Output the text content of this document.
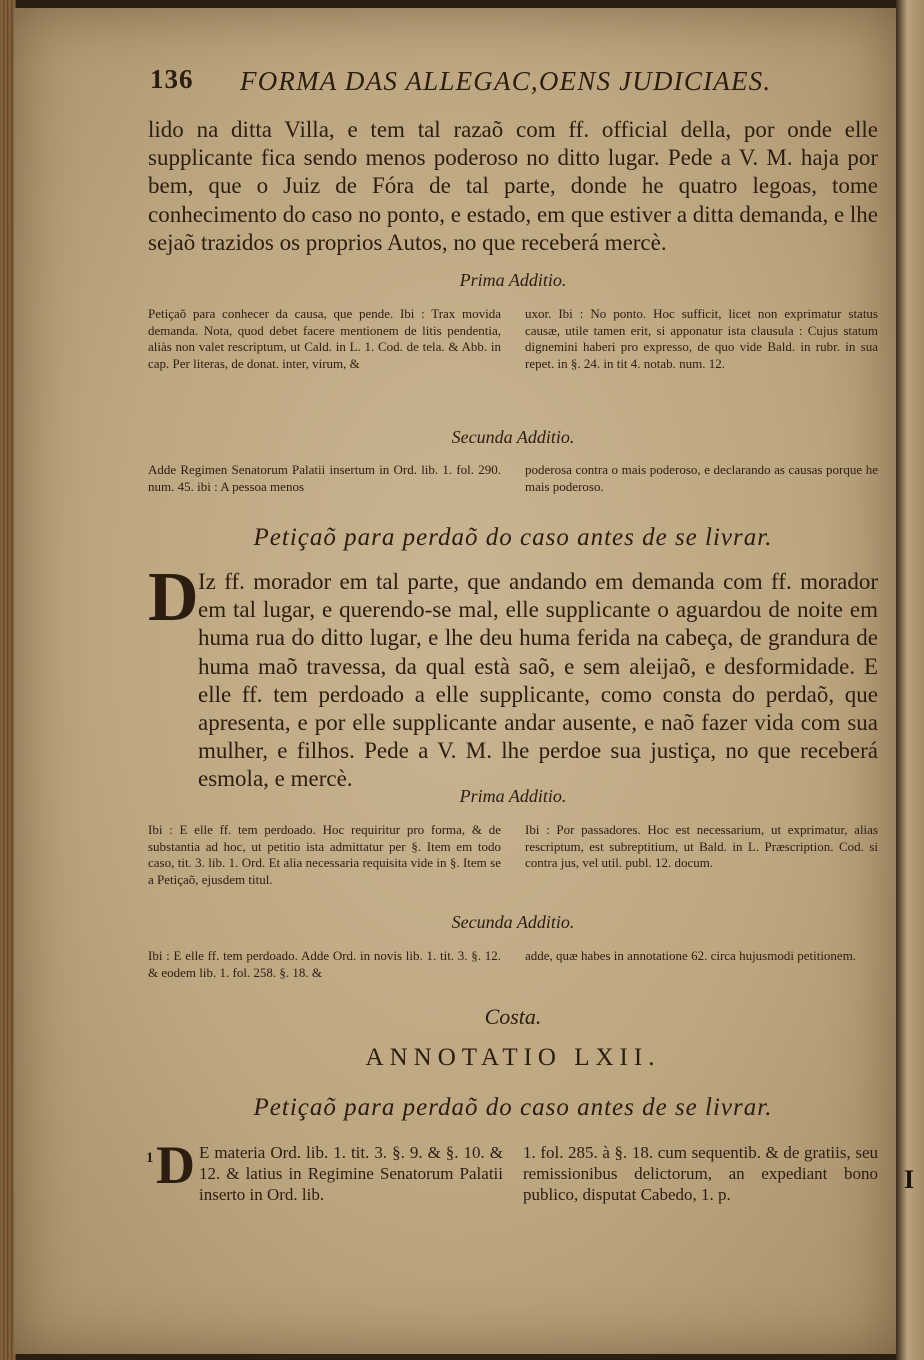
I
136 FORMA DAS ALLEGAC,OENS JUDICIAES.
lido na ditta Villa, e tem tal razaõ com ff. official della, por onde elle supplicante fica sendo menos poderoso no ditto lugar. Pede a V. M. haja por bem, que o Juiz de Fóra de tal parte, donde he quatro legoas, tome conhecimento do caso no ponto, e estado, em que estiver a ditta demanda, e lhe sejaõ trazidos os proprios Autos, no que receberá mercè.
Prima Additio.
Petiçaõ para conhecer da causa, que pende. Ibi : Trax movida demanda. Nota, quod debet facere mentionem de litis pendentia, aliàs non valet rescriptum, ut Cald. in L. 1. Cod. de tela. & Abb. in cap. Per literas, de donat. inter, virum, &
uxor. Ibi : No ponto. Hoc sufficit, licet non exprimatur status causæ, utile tamen erit, si apponatur ista clausula : Cujus statum dignemini haberi pro expresso, de quo vide Bald. in rubr. in sua repet. in §. 24. in tit 4. notab. num. 12.
Secunda Additio.
Adde Regimen Senatorum Palatii insertum in Ord. lib. 1. fol. 290. num. 45. ibi : A pessoa menos
poderosa contra o mais poderoso, e declarando as causas porque he mais poderoso.
Petiçaõ para perdaõ do caso antes de se livrar.
D Iz ff. morador em tal parte, que andando em demanda com ff. morador em tal lugar, e querendo-se mal, elle supplicante o aguardou de noite em huma rua do ditto lugar, e lhe deu huma ferida na cabeça, de grandura de huma maõ travessa, da qual està saõ, e sem aleijaõ, e desformidade. E elle ff. tem perdoado a elle supplicante, como consta do perdaõ, que apresenta, e por elle supplicante andar ausente, e naõ fazer vida com sua mulher, e filhos. Pede a V. M. lhe perdoe sua justiça, no que receberá esmola, e mercè.
Prima Additio.
Ibi : E elle ff. tem perdoado. Hoc requiritur pro forma, & de substantia ad hoc, ut petitio ista admittatur per §. Item em todo caso, tit. 3. lib. 1. Ord. Et alia necessaria requisita vide in §. Item se a Petiçaõ, ejusdem titul.
Ibi : Por passadores. Hoc est necessarium, ut exprimatur, alias rescriptum, est subreptitium, ut Bald. in L. Præscription. Cod. si contra jus, vel util. publ. 12. docum.
Secunda Additio.
Ibi : E elle ff. tem perdoado. Adde Ord. in novis lib. 1. tit. 3. §. 12. & eodem lib. 1. fol. 258. §. 18. &
adde, quæ habes in annotatione 62. circa hujusmodi petitionem.
Costa.
ANNOTATIO LXII.
Petiçaõ para perdaõ do caso antes de se livrar.
1 D E materia Ord. lib. 1. tit. 3. §. 9. & §. 10. & 12. & latius in Regimine Senatorum Palatii inserto in Ord. lib.
1. fol. 285. à §. 18. cum sequentib. & de gratiis, seu remissionibus delictorum, an expediant bono publico, disputat Cabedo, 1. p.
